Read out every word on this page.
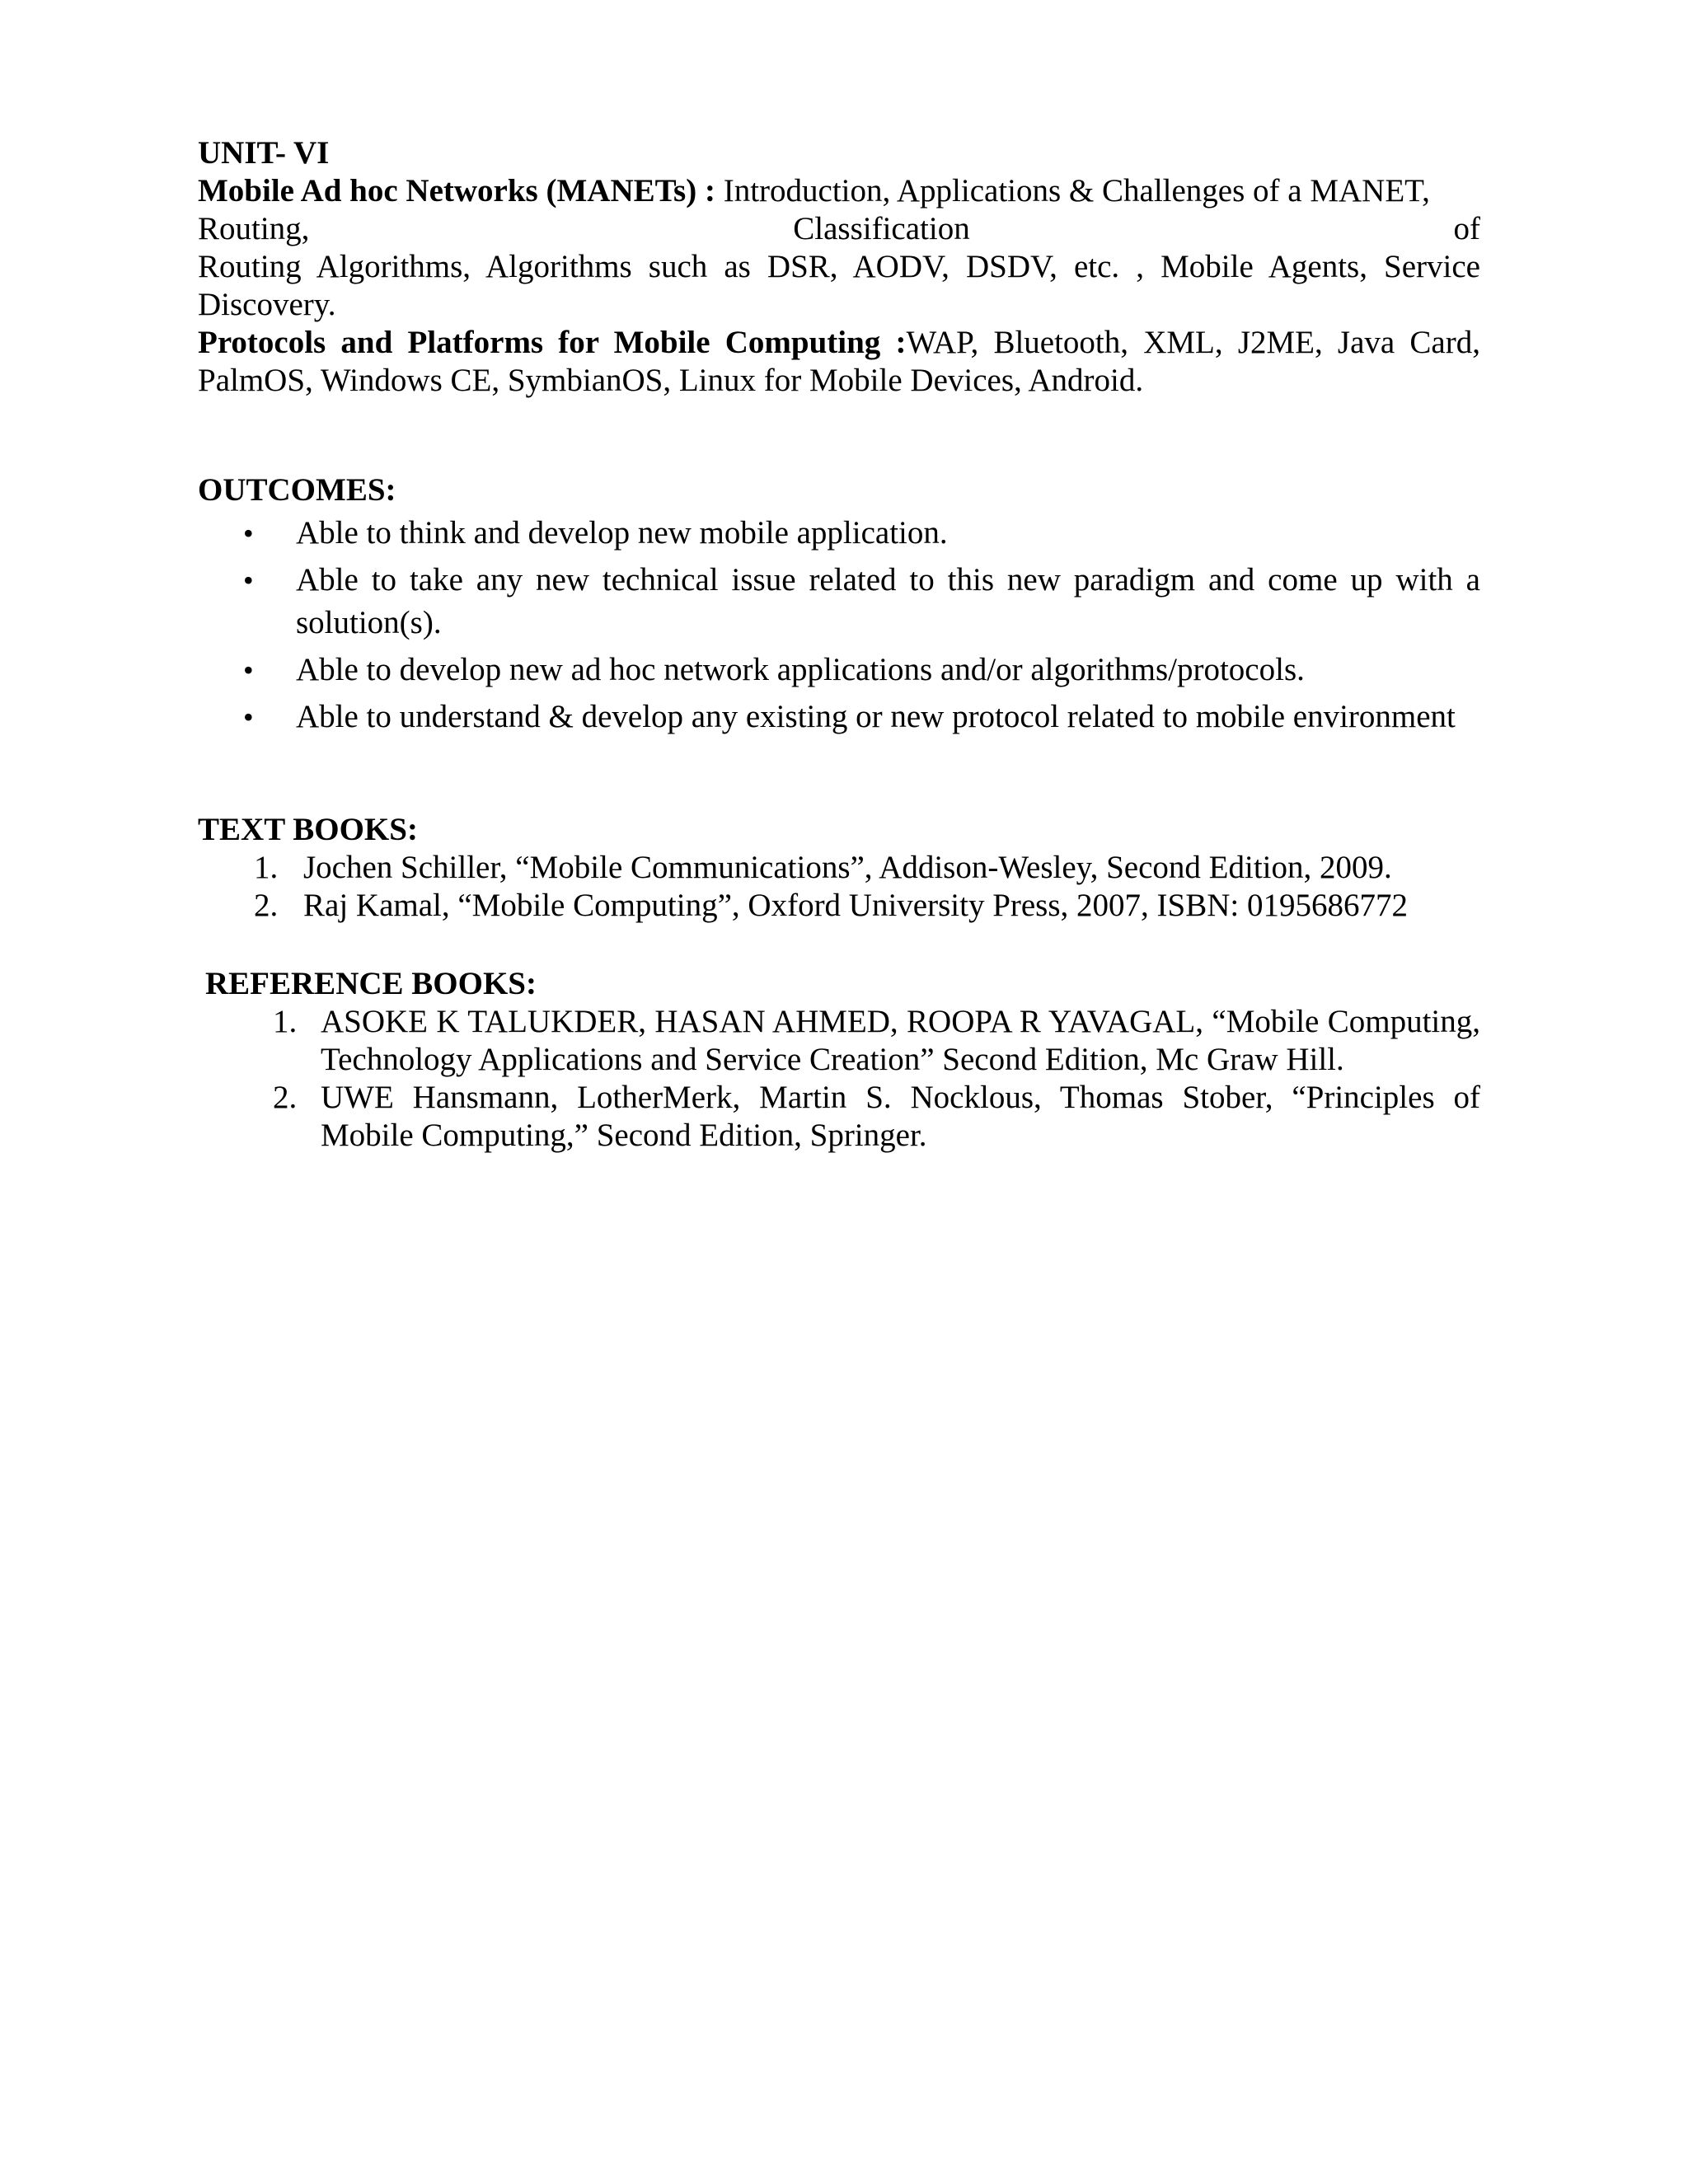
UNIT- VI

Mobile Ad hoc Networks (MANETs) : Introduction, Applications & Challenges of a MANET,

Routing,	Classification	of

Routing Algorithms, Algorithms such as DSR, AODV, DSDV, etc. , Mobile Agents, Service Discovery.

Protocols and Platforms for Mobile Computing :WAP, Bluetooth, XML, J2ME, Java Card, PalmOS, Windows CE, SymbianOS, Linux for Mobile Devices, Android.

OUTCOMES:

• Able to think and develop new mobile application.
• Able to take any new technical issue related to this new paradigm and come up with a solution(s).
• Able to develop new ad hoc network applications and/or algorithms/protocols.
• Able to understand & develop any existing or new protocol related to mobile environment

TEXT BOOKS:

1. Jochen Schiller, “Mobile Communications”, Addison-Wesley, Second Edition, 2009.
2. Raj Kamal, “Mobile Computing”, Oxford University Press, 2007, ISBN: 0195686772

REFERENCE BOOKS:

1. ASOKE K TALUKDER, HASAN AHMED, ROOPA R YAVAGAL, “Mobile Computing, Technology Applications and Service Creation” Second Edition, Mc Graw Hill.
2. UWE Hansmann, LotherMerk, Martin S. Nocklous, Thomas Stober, “Principles of Mobile Computing,” Second Edition, Springer.
